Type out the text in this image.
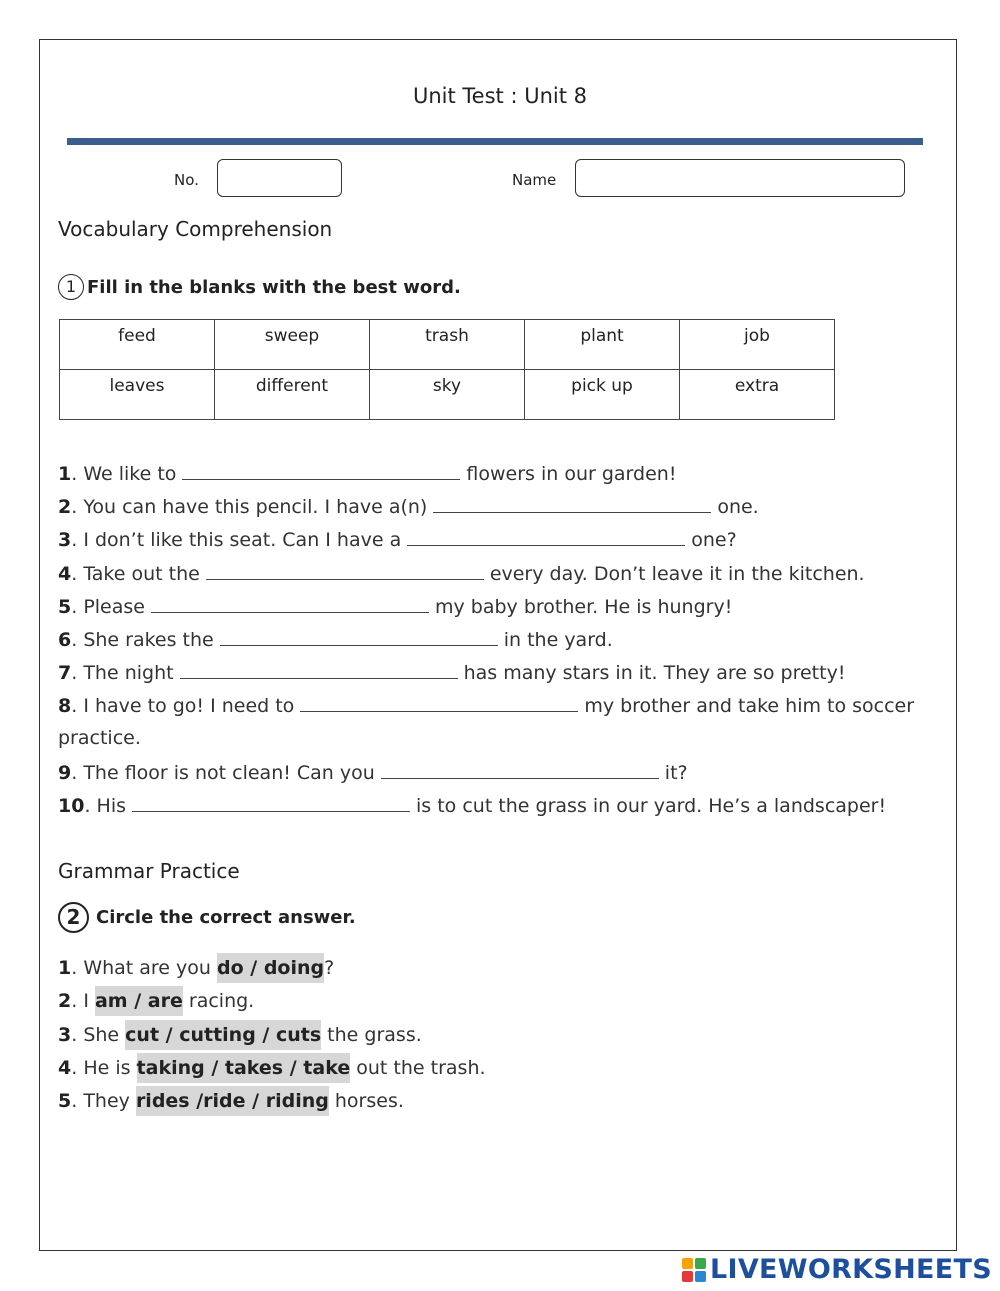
Unit Test : Unit 8
No.	Name
Vocabulary Comprehension
1 Fill in the blanks with the best word.
feed	sweep	trash	plant	job
leaves	different	sky	pick up	extra
1. We like to	flowers in our garden!
2. You can have this pencil. I have a(n)	one.
3. I don’t like this seat. Can I have a	one?
4. Take out the	every day. Don’t leave it in the kitchen.
5. Please	my baby brother. He is hungry!
6. She rakes the	in the yard.
7. The night	has many stars in it. They are so pretty!
8. I have to go! I need to	my brother and take him to soccer
practice.
9. The floor is not clean! Can you	it?
10. His	is to cut the grass in our yard. He’s a landscaper!
Grammar Practice
2 Circle the correct answer.
1. What are you do / doing?
2. I am / are racing.
3. She cut / cutting / cuts the grass.
4. He is taking / takes / take out the trash.
5. They rides /ride / riding horses.
LIVEWORKSHEETS
